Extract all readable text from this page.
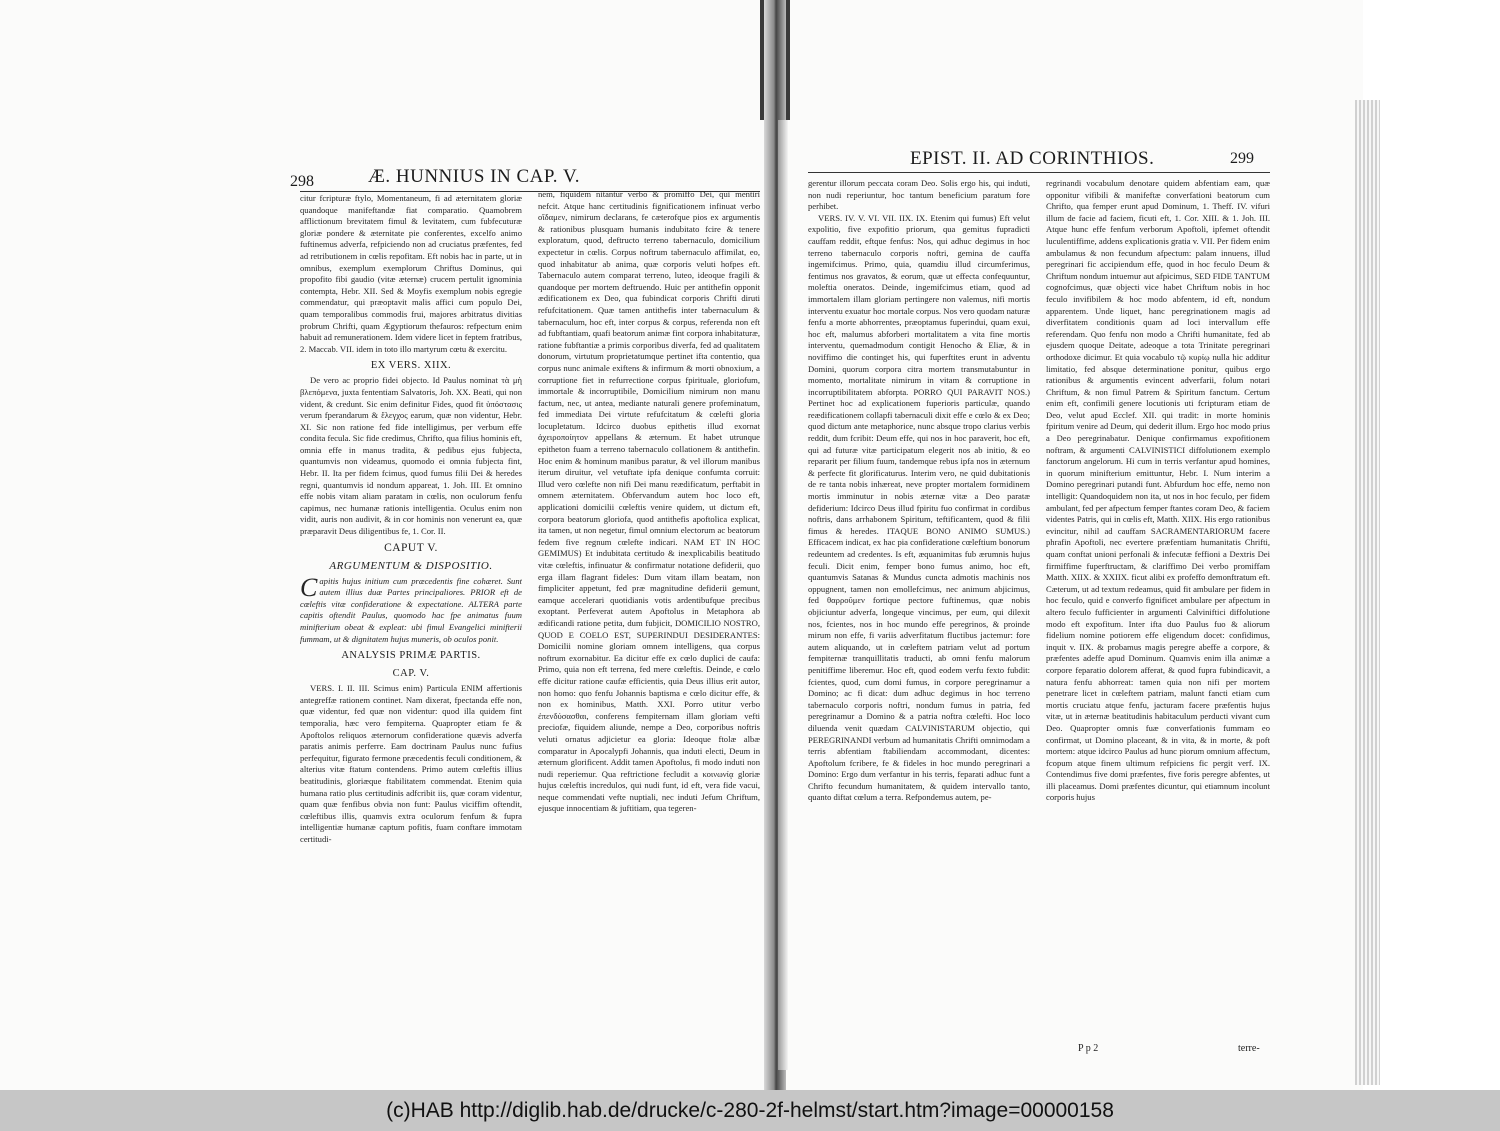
298	Æ. HUNNIUS IN CAP. V.

citur fcripturæ ftylo, Momentaneum, fi ad æternitatem gloriæ quandoque manifeftandæ fiat comparatio. Quamobrem afflictionum brevitatem fimul & levitatem, cum fubfecuturæ gloriæ pondere & æternitate pie conferentes, excelfo animo fuftinemus adverfa, refpiciendo non ad cruciatus præfentes, fed ad retributionem in cœlis repofitam. Eft nobis hac in parte, ut in omnibus, exemplum exemplorum Chriftus Dominus, qui propofito fibi gaudio (vitæ æternæ) crucem pertulit ignominia contempta, Hebr. XII. Sed & Moyfis exemplum nobis egregie commendatur, qui præoptavit malis affici cum populo Dei, quam temporalibus commodis frui, majores arbitratus divitias probrum Chrifti, quam Ægyptiorum thefauros: refpectum enim habuit ad remunerationem. Idem videre licet in feptem fratribus, 2. Maccab. VII. idem in toto illo martyrum cœtu & exercitu.

EX VERS. XIIX.

De vero ac proprio fidei objecto. Id Paulus nominat τὰ μὴ βλεπόμενα, juxta fententiam Salvatoris, Joh. XX. Beati, qui non vident, & credunt. Sic enim definitur Fides, quod fit ὑπόστασις verum fperandarum & ἔλεγχος earum, quæ non videntur, Hebr. XI. Sic non ratione fed fide intelligimus, per verbum effe condita fecula. Sic fide credimus, Chrifto, qua filius hominis eft, omnia effe in manus tradita, & pedibus ejus fubjecta, quantumvis non videamus, quomodo ei omnia fubjecta fint, Hebr. II. Ita per fidem fcimus, quod fumus filii Dei & heredes regni, quantumvis id nondum appareat, 1. Joh. III. Et omnino effe nobis vitam aliam paratam in cœlis, non oculorum fenfu capimus, nec humanæ rationis intelligentia. Oculus enim non vidit, auris non audivit, & in cor hominis non venerunt ea, quæ præparavit Deus diligentibus fe, 1. Cor. II.

CAPUT V.
ARGUMENTUM & DISPOSITIO.

C apitis hujus initium cum præcedentis fine cohæret. Sunt autem illius duæ Partes principaliores. PRIOR eft de cœleftis vitæ confideratione & expectatione. ALTERA parte capitis oftendit Paulus, quomodo hac fpe animatus fuum minifterium obeat & expleat: ubi fimul Evangelici minifterii fummam, ut & dignitatem hujus muneris, ob oculos ponit.

ANALYSIS PRIMÆ PARTIS.
CAP. V.

VERS. I. II. III. Scimus enim) Particula ENIM affertionis antegreffæ rationem continet. Nam dixerat, fpectanda effe non, quæ videntur, fed quæ non videntur: quod illa quidem fint temporalia, hæc vero fempiterna. Quapropter etiam fe & Apoftolos reliquos æternorum confideratione quævis adverfa paratis animis perferre. Eam doctrinam Paulus nunc fufius perfequitur, figurato fermone præcedentis feculi conditionem, & alterius vitæ ftatum contendens. Primo autem cœleftis illius beatitudinis, gloriæque ftabilitatem commendat. Etenim quia humana ratio plus certitudinis adfcribit iis, quæ coram videntur, quam quæ fenfibus obvia non funt: Paulus viciffim oftendit, cœleftibus illis, quamvis extra oculorum fenfum & fupra intelligentiæ humanæ captum pofitis, fuam conftare immotam certitudi-

nem, fiquidem nitantur verbo & promiffo Dei, qui mentiri nefcit. Atque hanc certitudinis fignificationem infinuat verbo οἴδαμεν, nimirum declarans, fe cæterofque pios ex argumentis & rationibus plusquam humanis indubitato fcire & tenere exploratum, quod, deftructo terreno tabernaculo, domicilium expectetur in cœlis. Corpus noftrum tabernaculo affimilat, eo, quod inhabitatur ab anima, quæ corporis veluti hofpes eft. Tabernaculo autem comparat terreno, luteo, ideoque fragili & quandoque per mortem deftruendo. Huic per antithefin opponit ædificationem ex Deo, qua fubindicat corporis Chrifti diruti refufcitationem. Quæ tamen antithefis inter tabernaculum & tabernaculum, hoc eft, inter corpus & corpus, referenda non eft ad fubftantiam, quafi beatorum animæ fint corpora inhabitaturæ, ratione fubftantiæ a primis corporibus diverfa, fed ad qualitatem donorum, virtutum proprietatumque pertinet ifta contentio, qua corpus nunc animale exiftens & infirmum & morti obnoxium, a corruptione fiet in refurrectione corpus fpirituale, gloriofum, immortale & incorruptibile, Domicilium nimirum non manu factum, nec, ut antea, mediante naturali genere profeminatum, fed immediata Dei virtute refufcitatum & cœlefti gloria locupletatum. Idcirco duobus epithetis illud exornat ἀχειροποίητον appellans & æternum. Et habet utrunque epitheton fuam a terreno tabernaculo collationem & antithefin. Hoc enim & hominum manibus paratur, & vel illorum manibus iterum diruitur, vel vetuftate ipfa denique confumta corruit: Illud vero cœlefte non nifi Dei manu reædificatum, perftabit in omnem æternitatem. Obfervandum autem hoc loco eft, applicationi domicilii cœleftis venire quidem, ut dictum eft, corpora beatorum gloriofa, quod antithefis apoftolica explicat, ita tamen, ut non negetur, fimul omnium electorum ac beatorum fedem five regnum cœlefte indicari. NAM ET IN HOC GEMIMUS) Et indubitata certitudo & inexplicabilis beatitudo vitæ cœleftis, infinuatur & confirmatur notatione defiderii, quo erga illam flagrant fideles: Dum vitam illam beatam, non fimpliciter appetunt, fed præ magnitudine defiderii gemunt, eamque accelerari quotidianis votis ardentibufque precibus exoptant. Perfeverat autem Apoftolus in Metaphora ab ædificandi ratione petita, dum fubjicit, DOMICILIO NOSTRO, QUOD E COELO EST, SUPERINDUI DESIDERANTES: Domicilii nomine gloriam omnem intelligens, qua corpus noftrum exornabitur. Ea dicitur effe ex cœlo duplici de caufa: Primo, quia non eft terrena, fed mere cœleftis. Deinde, e cœlo effe dicitur ratione caufæ efficientis, quia Deus illius erit autor, non homo: quo fenfu Johannis baptisma e cœlo dicitur effe, & non ex hominibus, Matth. XXI. Porro utitur verbo ἐπενδύσασθαι, conferens fempiternam illam gloriam vefti preciofæ, fiquidem aliunde, nempe a Deo, corporibus noftris veluti ornatus adjicietur ea gloria: Ideoque ftolæ albæ comparatur in Apocalypfi Johannis, qua induti electi, Deum in æternum glorificent. Addit tamen Apoftolus, fi modo induti non nudi reperiemur. Qua reftrictione fecludit a κοινωνίᾳ gloriæ hujus cœleftis incredulos, qui nudi funt, id eft, vera fide vacui, neque commendati vefte nuptiali, nec induti Jefum Chriftum, ejusque innocentiam & juftitiam, qua tegeren-

EPIST. II. AD CORINTHIOS.	299

gerentur illorum peccata coram Deo. Solis ergo his, qui induti, non nudi reperiuntur, hoc tantum beneficium paratum fore perhibet.

VERS. IV. V. VI. VII. IIX. IX. Etenim qui fumus) Eft velut expolitio, five expofitio priorum, qua gemitus fupradicti cauffam reddit, eftque fenfus: Nos, qui adhuc degimus in hoc terreno tabernaculo corporis noftri, gemina de cauffa ingemifcimus. Primo, quia, quamdiu illud circumferimus, fentimus nos gravatos, & eorum, quæ ut effecta confequuntur, moleftia oneratos. Deinde, ingemifcimus etiam, quod ad immortalem illam gloriam pertingere non valemus, nifi mortis interventu exuatur hoc mortale corpus. Nos vero quodam naturæ fenfu a morte abhorrentes, præoptamus fuperindui, quam exui, hoc eft, malumus abforberi mortalitatem a vita fine mortis interventu, quemadmodum contigit Henocho & Eliæ, & in noviffimo die continget his, qui fuperftites erunt in adventu Domini, quorum corpora citra mortem transmutabuntur in momento, mortalitate nimirum in vitam & corruptione in incorruptibilitatem abforpta. PORRO QUI PARAVIT NOS.) Pertinet hoc ad explicationem fuperioris particulæ, quando reædificationem collapfi tabernaculi dixit effe e cœlo & ex Deo; quod dictum ante metaphorice, nunc absque tropo clarius verbis reddit, dum fcribit: Deum effe, qui nos in hoc paraverit, hoc eft, qui ad futuræ vitæ participatum elegerit nos ab initio, & eo repararit per filium fuum, tandemque rebus ipfa nos in æternum & perfecte fit glorificaturus. Interim vero, ne quid dubitationis de re tanta nobis inhæreat, neve propter mortalem formidinem mortis imminutur in nobis æternæ vitæ a Deo paratæ defiderium: Idcirco Deus illud fpiritu fuo confirmat in cordibus noftris, dans arrhabonem Spiritum, teftificantem, quod & filii fimus & heredes. ITAQUE BONO ANIMO SUMUS.) Efficacem indicat, ex hac pia confideratione cœleftium bonorum redeuntem ad credentes. Is eft, æquanimitas fub ærumnis hujus feculi. Dicit enim, femper bono fumus animo, hoc eft, quantumvis Satanas & Mundus cuncta admotis machinis nos oppugnent, tamen non emollefcimus, nec animum abjicimus, fed θαρροῦμεν fortique pectore fuftinemus, quæ nobis objiciuntur adverfa, longeque vincimus, per eum, qui dilexit nos, fcientes, nos in hoc mundo effe peregrinos, & proinde mirum non effe, fi variis adverfitatum fluctibus jactemur: fore autem aliquando, ut in cœleftem patriam velut ad portum fempiternæ tranquillitatis traducti, ab omni fenfu malorum penitiffime liberemur. Hoc eft, quod eodem verfu fexto fubdit: fcientes, quod, cum domi fumus, in corpore peregrinamur a Domino; ac fi dicat: dum adhuc degimus in hoc terreno tabernaculo corporis noftri, nondum fumus in patria, fed peregrinamur a Domino & a patria noftra cœlefti. Hoc loco diluenda venit quædam CALVINISTARUM objectio, qui PEREGRINANDI verbum ad humanitatis Chrifti omnimodam a terris abfentiam ftabiliendam accommodant, dicentes: Apoftolum fcribere, fe & fideles in hoc mundo peregrinari a Domino: Ergo dum verfantur in his terris, feparati adhuc funt a Chrifto fecundum humanitatem, & quidem intervallo tanto, quanto diftat cœlum a terra. Refpondemus autem, pe-

regrinandi vocabulum denotare quidem abfentiam eam, quæ opponitur vifibili & manifeftæ converfationi beatorum cum Chrifto, qua femper erunt apud Dominum, 1. Theff. IV. vifuri illum de facie ad faciem, ficuti eft, 1. Cor. XIII. & 1. Joh. III. Atque hunc effe fenfum verborum Apoftoli, ipfemet oftendit luculentiffime, addens explicationis gratia v. VII. Per fidem enim ambulamus & non fecundum afpectum: palam innuens, illud peregrinari fic accipiendum effe, quod in hoc feculo Deum & Chriftum nondum intuemur aut afpicimus, SED FIDE TANTUM cognofcimus, quæ objecti vice habet Chriftum nobis in hoc feculo invifibilem & hoc modo abfentem, id eft, nondum apparentem. Unde liquet, hanc peregrinationem magis ad diverfitatem conditionis quam ad loci intervallum effe referendam. Quo fenfu non modo a Chrifti humanitate, fed ab ejusdem quoque Deitate, adeoque a tota Trinitate peregrinari orthodoxe dicimur. Et quia vocabulo τῷ κυρίῳ nulla hic additur limitatio, fed absque determinatione ponitur, quibus ergo rationibus & argumentis evincent adverfarii, folum notari Chriftum, & non fimul Patrem & Spiritum fanctum. Certum enim eft, confimili genere locutionis uti fcripturam etiam de Deo, velut apud Ecclef. XII. qui tradit: in morte hominis fpiritum venire ad Deum, qui dederit illum. Ergo hoc modo prius a Deo peregrinabatur. Denique confirmamus expofitionem noftram, & argumenti CALVINISTICI diffolutionem exemplo fanctorum angelorum. Hi cum in terris verfantur apud homines, in quorum minifterium emittuntur, Hebr. I. Num interim a Domino peregrinari putandi funt. Abfurdum hoc effe, nemo non intelligit: Quandoquidem non ita, ut nos in hoc feculo, per fidem ambulant, fed per afpectum femper ftantes coram Deo, & faciem videntes Patris, qui in cœlis eft, Matth. XIIX. His ergo rationibus evincitur, nihil ad cauffam SACRAMENTARIORUM facere phrafin Apoftoli, nec evertere præfentiam humanitatis Chrifti, quam conftat unioni perfonali & infecutæ feffioni a Dextris Dei firmiffime fuperftructam, & clariffimo Dei verbo promiffam Matth. XIIX. & XXIIX. ficut alibi ex profeffo demonftratum eft. Cæterum, ut ad textum redeamus, quid fit ambulare per fidem in hoc feculo, quid e converfo fignificet ambulare per afpectum in altero feculo fufficienter in argumenti Calviniftici diffolutione modo eft expofitum. Inter ifta duo Paulus fuo & aliorum fidelium nomine potiorem effe eligendum docet: confidimus, inquit v. IIX. & probamus magis peregre abeffe a corpore, & præfentes adeffe apud Dominum. Quamvis enim illa animæ a corpore feparatio dolorem afferat, & quod fupra fubindicavit, a natura fenfu abhorreat: tamen quia non nifi per mortem penetrare licet in cœleftem patriam, malunt fancti etiam cum mortis cruciatu atque fenfu, jacturam facere præfentis hujus vitæ, ut in æternæ beatitudinis habitaculum perducti vivant cum Deo. Quapropter omnis fuæ converfationis fummam eo confirmat, ut Domino placeant, & in vita, & in morte, & poft mortem: atque idcirco Paulus ad hunc piorum omnium affectum, fcopum atque finem ultimum refpiciens fic pergit verf. IX. Contendimus five domi præfentes, five foris peregre abfentes, ut illi placeamus. Domi præfentes dicuntur, qui etiamnum incolunt corporis hujus

P p 2	terre-
(c)HAB http://diglib.hab.de/drucke/c-280-2f-helmst/start.htm?image=00000158
